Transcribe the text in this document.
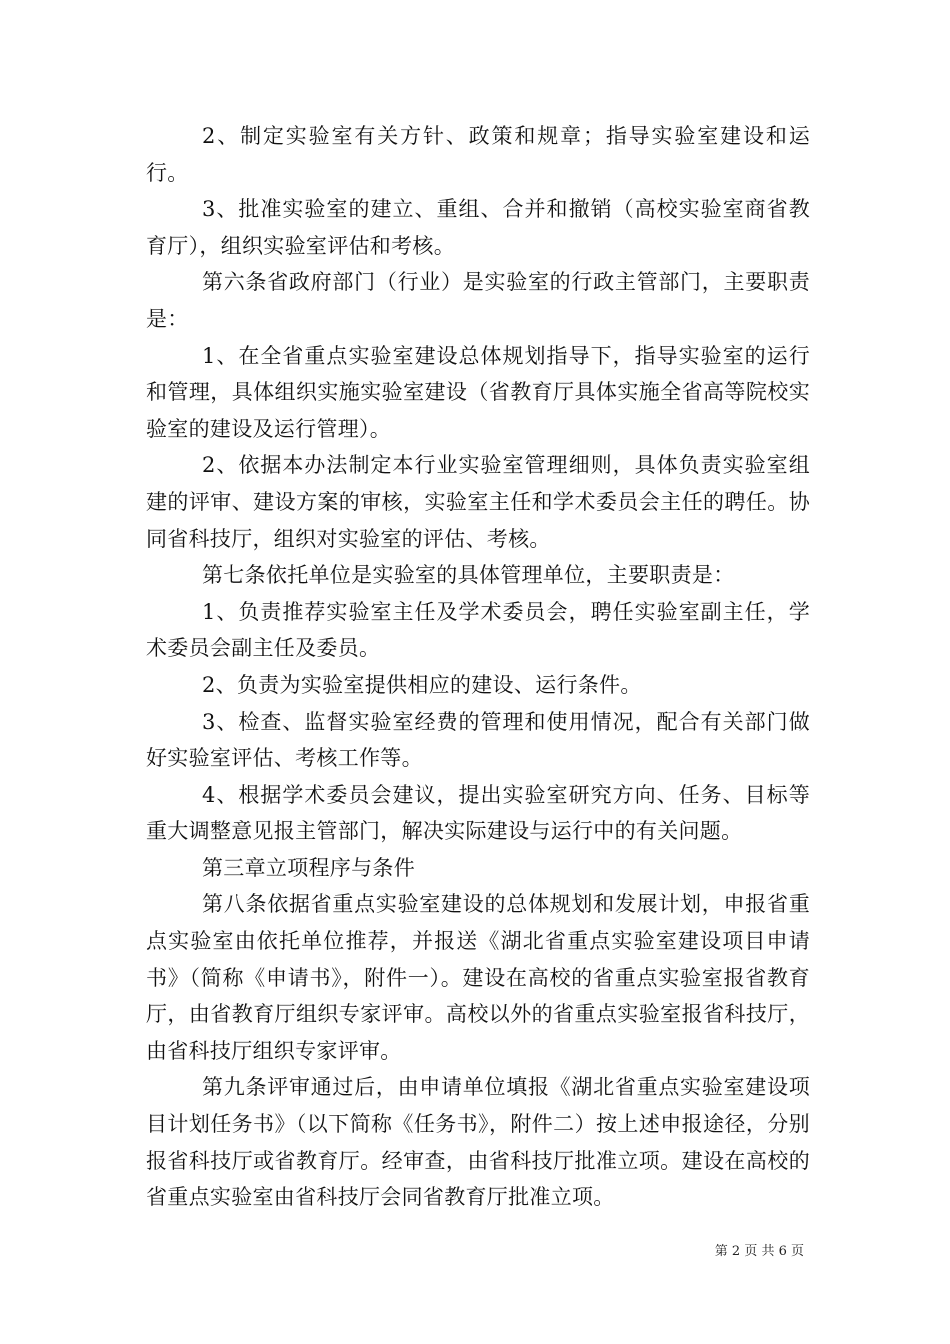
2、制定实验室有关方针、政策和规章；指导实验室建设和运行。

3、批准实验室的建立、重组、合并和撤销（高校实验室商省教育厅），组织实验室评估和考核。

第六条省政府部门（行业）是实验室的行政主管部门，主要职责是：

1、在全省重点实验室建设总体规划指导下，指导实验室的运行和管理，具体组织实施实验室建设（省教育厅具体实施全省高等院校实验室的建设及运行管理）。

2、依据本办法制定本行业实验室管理细则，具体负责实验室组建的评审、建设方案的审核，实验室主任和学术委员会主任的聘任。协同省科技厅，组织对实验室的评估、考核。

第七条依托单位是实验室的具体管理单位，主要职责是：

1、负责推荐实验室主任及学术委员会，聘任实验室副主任，学术委员会副主任及委员。

2、负责为实验室提供相应的建设、运行条件。

3、检查、监督实验室经费的管理和使用情况，配合有关部门做好实验室评估、考核工作等。

4、根据学术委员会建议，提出实验室研究方向、任务、目标等重大调整意见报主管部门，解决实际建设与运行中的有关问题。

第三章立项程序与条件

第八条依据省重点实验室建设的总体规划和发展计划，申报省重点实验室由依托单位推荐，并报送《湖北省重点实验室建设项目申请书》（简称《申请书》，附件一）。建设在高校的省重点实验室报省教育厅，由省教育厅组织专家评审。高校以外的省重点实验室报省科技厅，由省科技厅组织专家评审。

第九条评审通过后，由申请单位填报《湖北省重点实验室建设项目计划任务书》（以下简称《任务书》，附件二）按上述申报途径，分别报省科技厅或省教育厅。经审查，由省科技厅批准立项。建设在高校的省重点实验室由省科技厅会同省教育厅批准立项。

第 2 页 共 6 页
